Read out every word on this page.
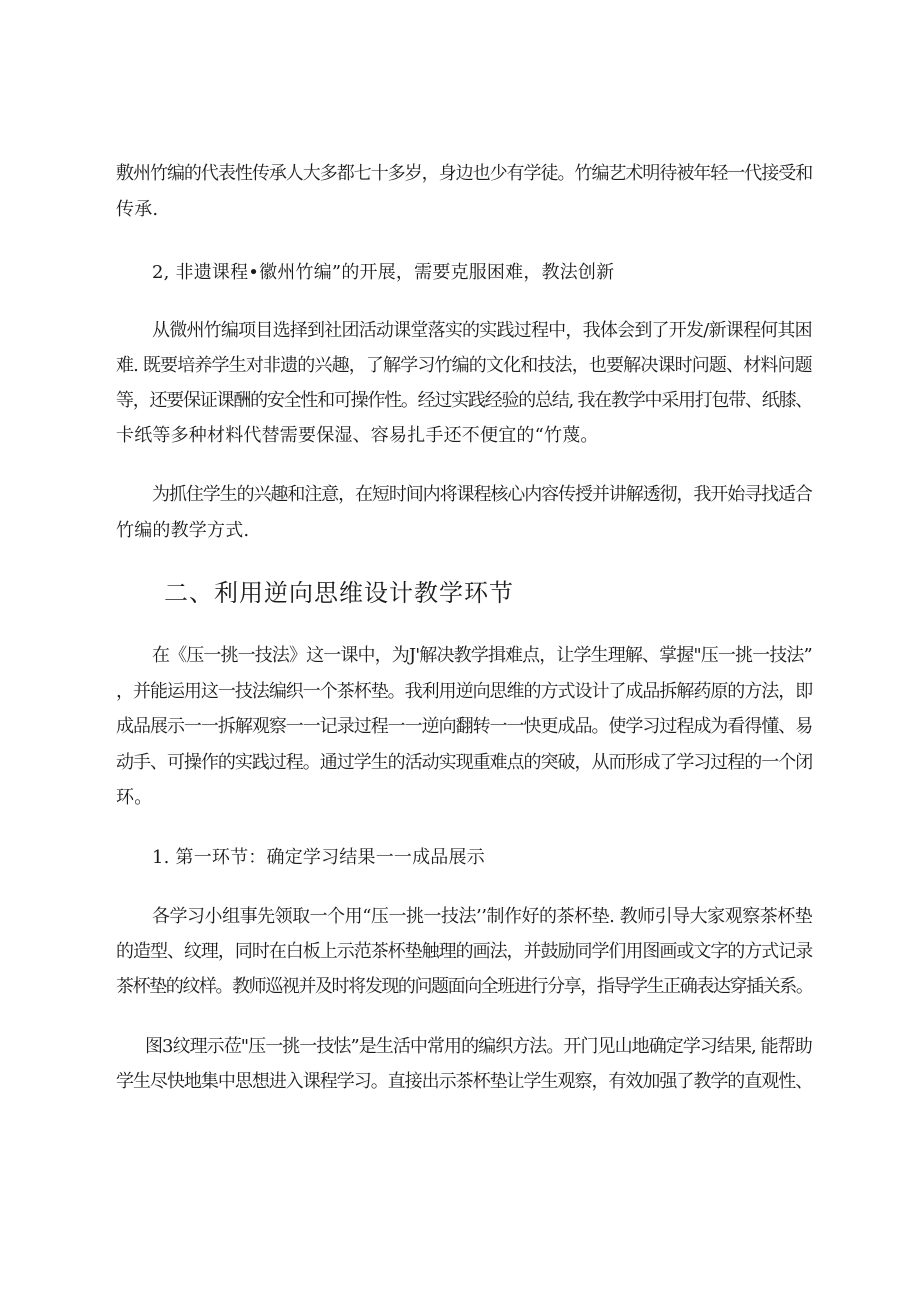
敷州竹编的代表性传承人大多都七十多岁，身边也少有学徒。竹编艺术明待被年轻一代接受和
传承.
2, 非遗课程•徽州竹编”的开展，需要克服困难，教法创新
从微州竹编项目选择到社团活动课堂落实的实践过程中，我体会到了开发/新课程何其困
难. 既要培养学生对非遗的兴趣，了解学习竹编的文化和技法，也要解决课时问题、材料问题
等，还要保证课酬的安全性和可操作性。经过实践经验的总结, 我在教学中采用打包带、纸膝、
卡纸等多种材料代替需要保湿、容易扎手还不便宜的“竹蔑。
为抓住学生的兴趣和注意，在短时间内将课程核心内容传授并讲解透彻，我开始寻找适合
竹编的教学方式.
二、利用逆向思维设计教学环节
在《压一挑一技法》这一课中，为J'解决教学揖难点，让学生理解、掌握"压一挑一技法”
，并能运用这一技法编织一个茶杯垫。我利用逆向思维的方式设计了成品拆解药原的方法，即
成品展示一一拆解观察一一记录过程一一逆向翻转一一快更成品。使学习过程成为看得懂、易
动手、可操作的实践过程。通过学生的活动实现重难点的突破，从而形成了学习过程的一个闭
环。
1. 第一环节：确定学习结果一一成品展示
各学习小组事先领取一个用“压一挑一技法’’制作好的茶杯垫. 教师引导大家观察茶杯垫
的造型、纹理，同时在白板上示范茶杯垫触理的画法，并鼓励同学们用图画或文字的方式记录
茶杯垫的纹样。教师巡视并及时将发现的问题面向全班进行分享，指导学生正确表达穿插关系。
图3纹理示莅"压一挑一技怯”是生活中常用的编织方法。开门见山地确定学习结果, 能帮助
学生尽快地集中思想进入课程学习。直接出示茶杯垫让学生观察，有效加强了教学的直观性、
